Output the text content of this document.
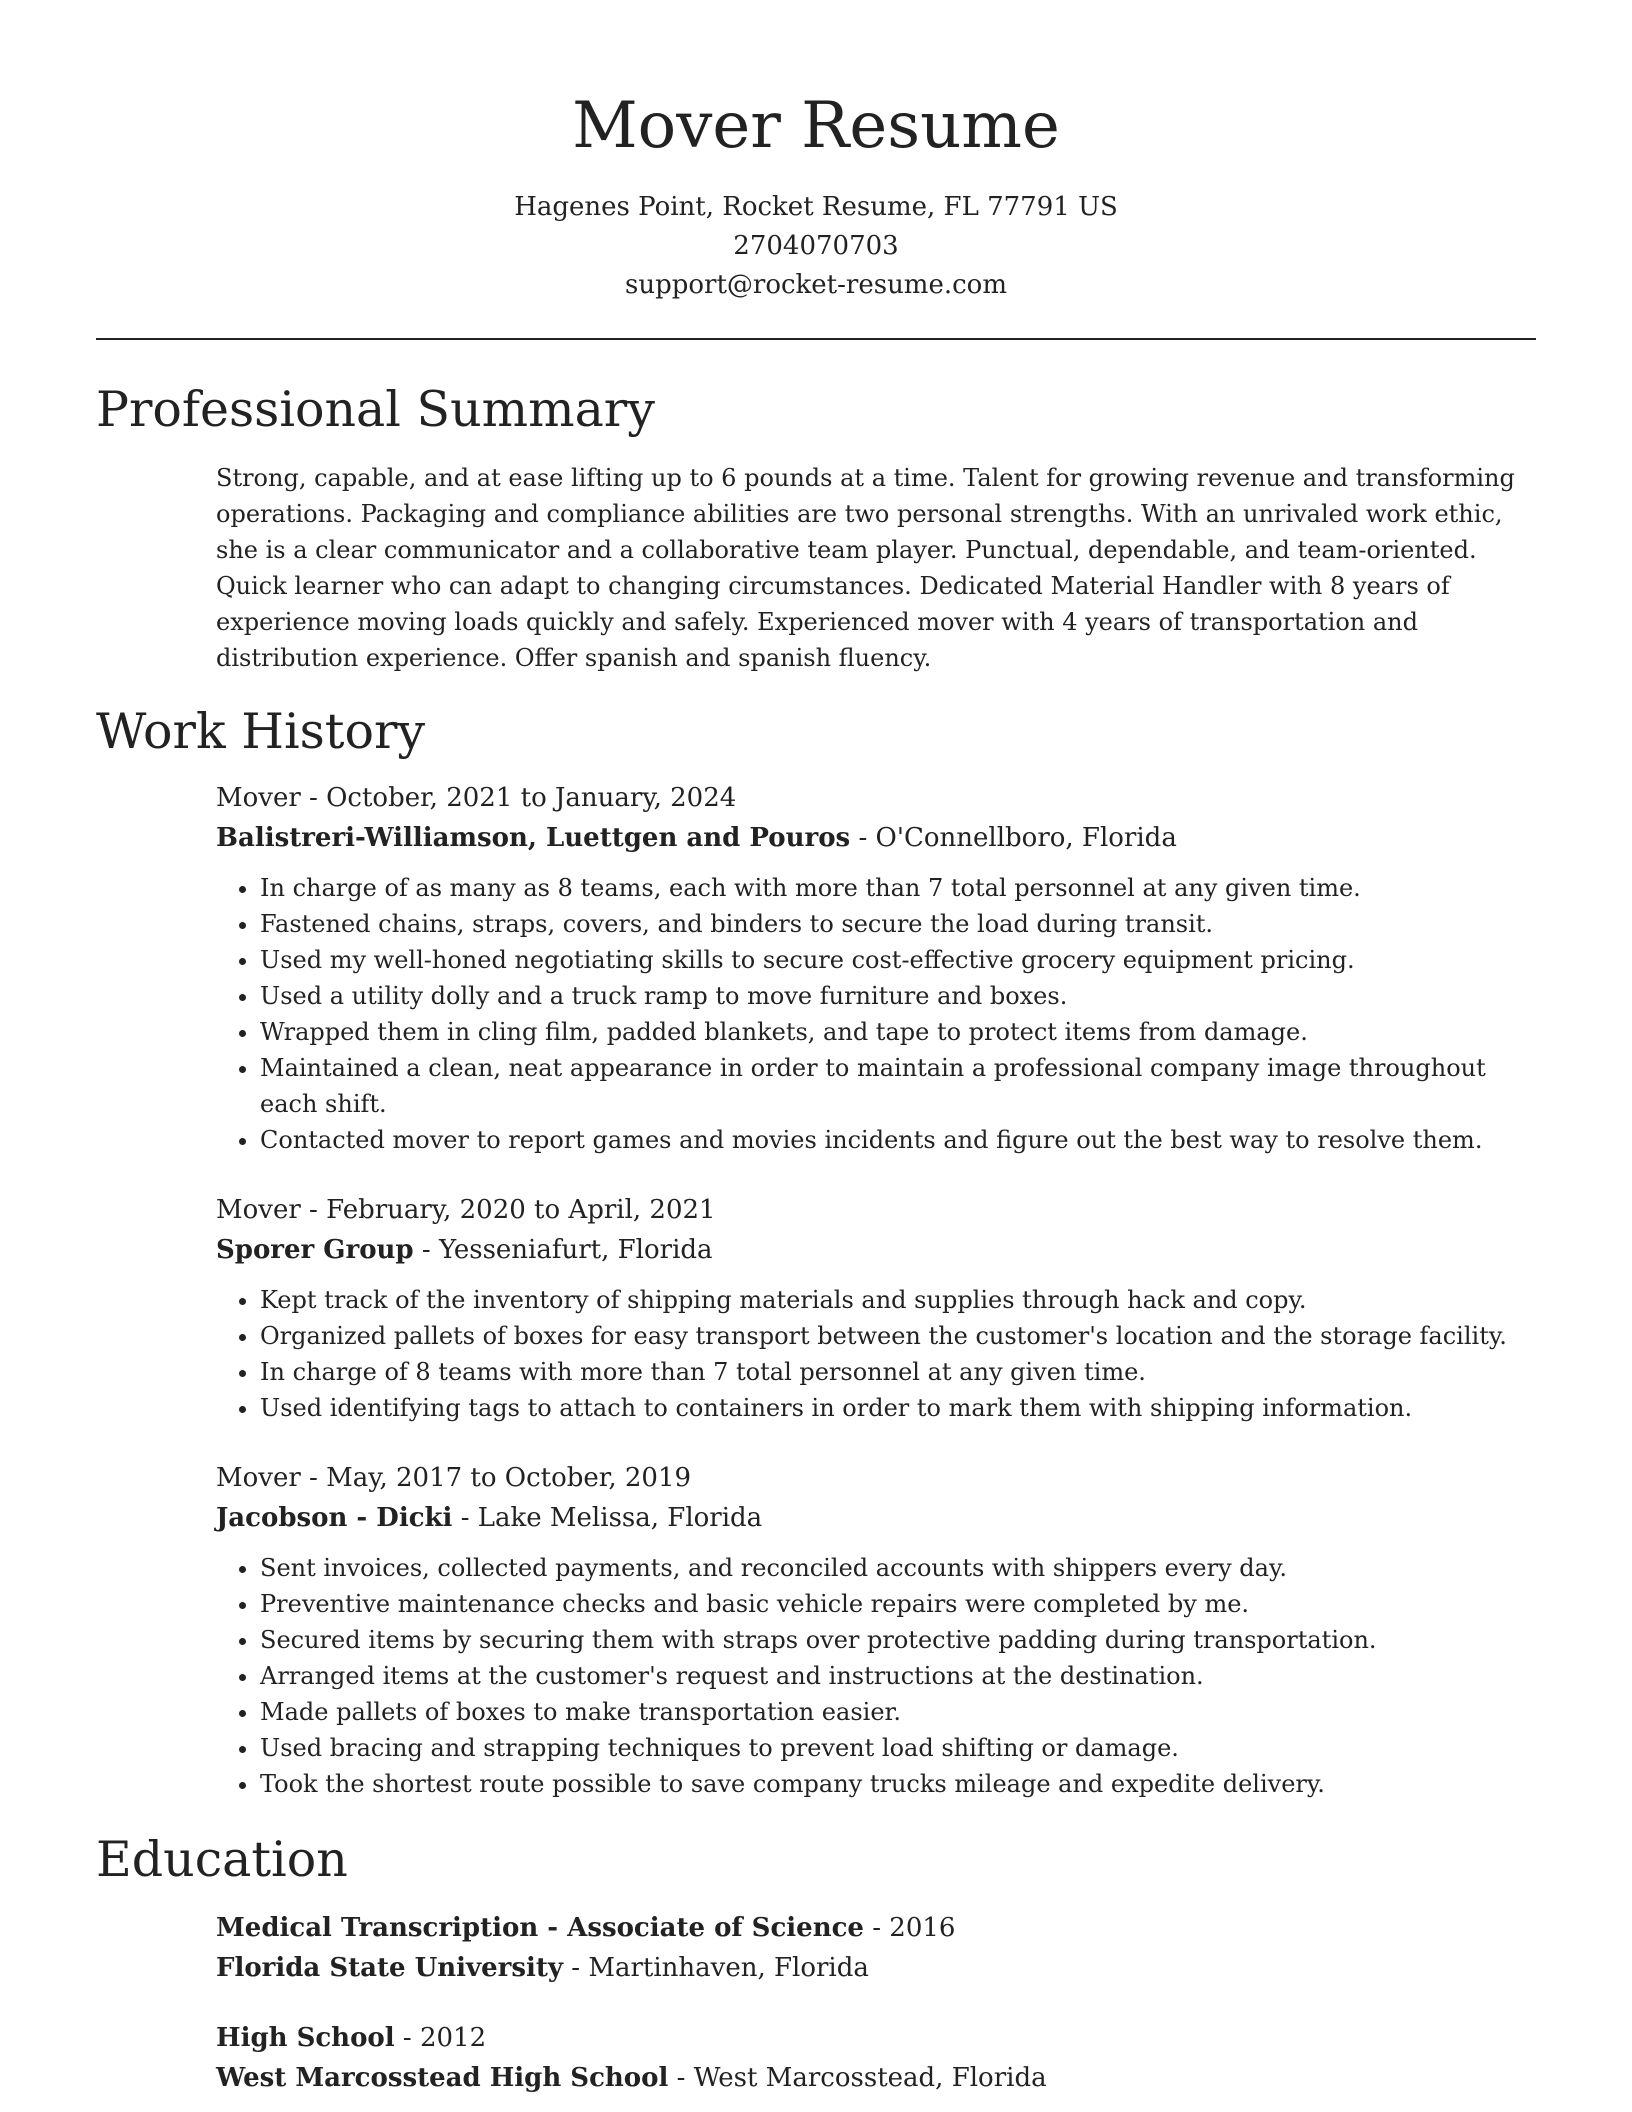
Mover Resume
Hagenes Point, Rocket Resume, FL 77791 US
2704070703
support@rocket-resume.com
Professional Summary

Strong, capable, and at ease lifting up to 6 pounds at a time. Talent for growing revenue and transforming operations. Packaging and compliance abilities are two personal strengths. With an unrivaled work ethic, she is a clear communicator and a collaborative team player. Punctual, dependable, and team-oriented. Quick learner who can adapt to changing circumstances. Dedicated Material Handler with 8 years of experience moving loads quickly and safely. Experienced mover with 4 years of transportation and distribution experience. Offer spanish and spanish fluency.

Work History
Mover - October, 2021 to January, 2024
Balistreri-Williamson, Luettgen and Pouros - O'Connellboro, Florida
• In charge of as many as 8 teams, each with more than 7 total personnel at any given time.
• Fastened chains, straps, covers, and binders to secure the load during transit.
• Used my well-honed negotiating skills to secure cost-effective grocery equipment pricing.
• Used a utility dolly and a truck ramp to move furniture and boxes.
• Wrapped them in cling film, padded blankets, and tape to protect items from damage.
• Maintained a clean, neat appearance in order to maintain a professional company image throughout each shift.
• Contacted mover to report games and movies incidents and figure out the best way to resolve them.
Mover - February, 2020 to April, 2021
Sporer Group - Yesseniafurt, Florida
• Kept track of the inventory of shipping materials and supplies through hack and copy.
• Organized pallets of boxes for easy transport between the customer's location and the storage facility.
• In charge of 8 teams with more than 7 total personnel at any given time.
• Used identifying tags to attach to containers in order to mark them with shipping information.
Mover - May, 2017 to October, 2019
Jacobson - Dicki - Lake Melissa, Florida
• Sent invoices, collected payments, and reconciled accounts with shippers every day.
• Preventive maintenance checks and basic vehicle repairs were completed by me.
• Secured items by securing them with straps over protective padding during transportation.
• Arranged items at the customer's request and instructions at the destination.
• Made pallets of boxes to make transportation easier.
• Used bracing and strapping techniques to prevent load shifting or damage.
• Took the shortest route possible to save company trucks mileage and expedite delivery.
Education
Medical Transcription - Associate of Science - 2016
Florida State University - Martinhaven, Florida
High School - 2012
West Marcosstead High School - West Marcosstead, Florida
